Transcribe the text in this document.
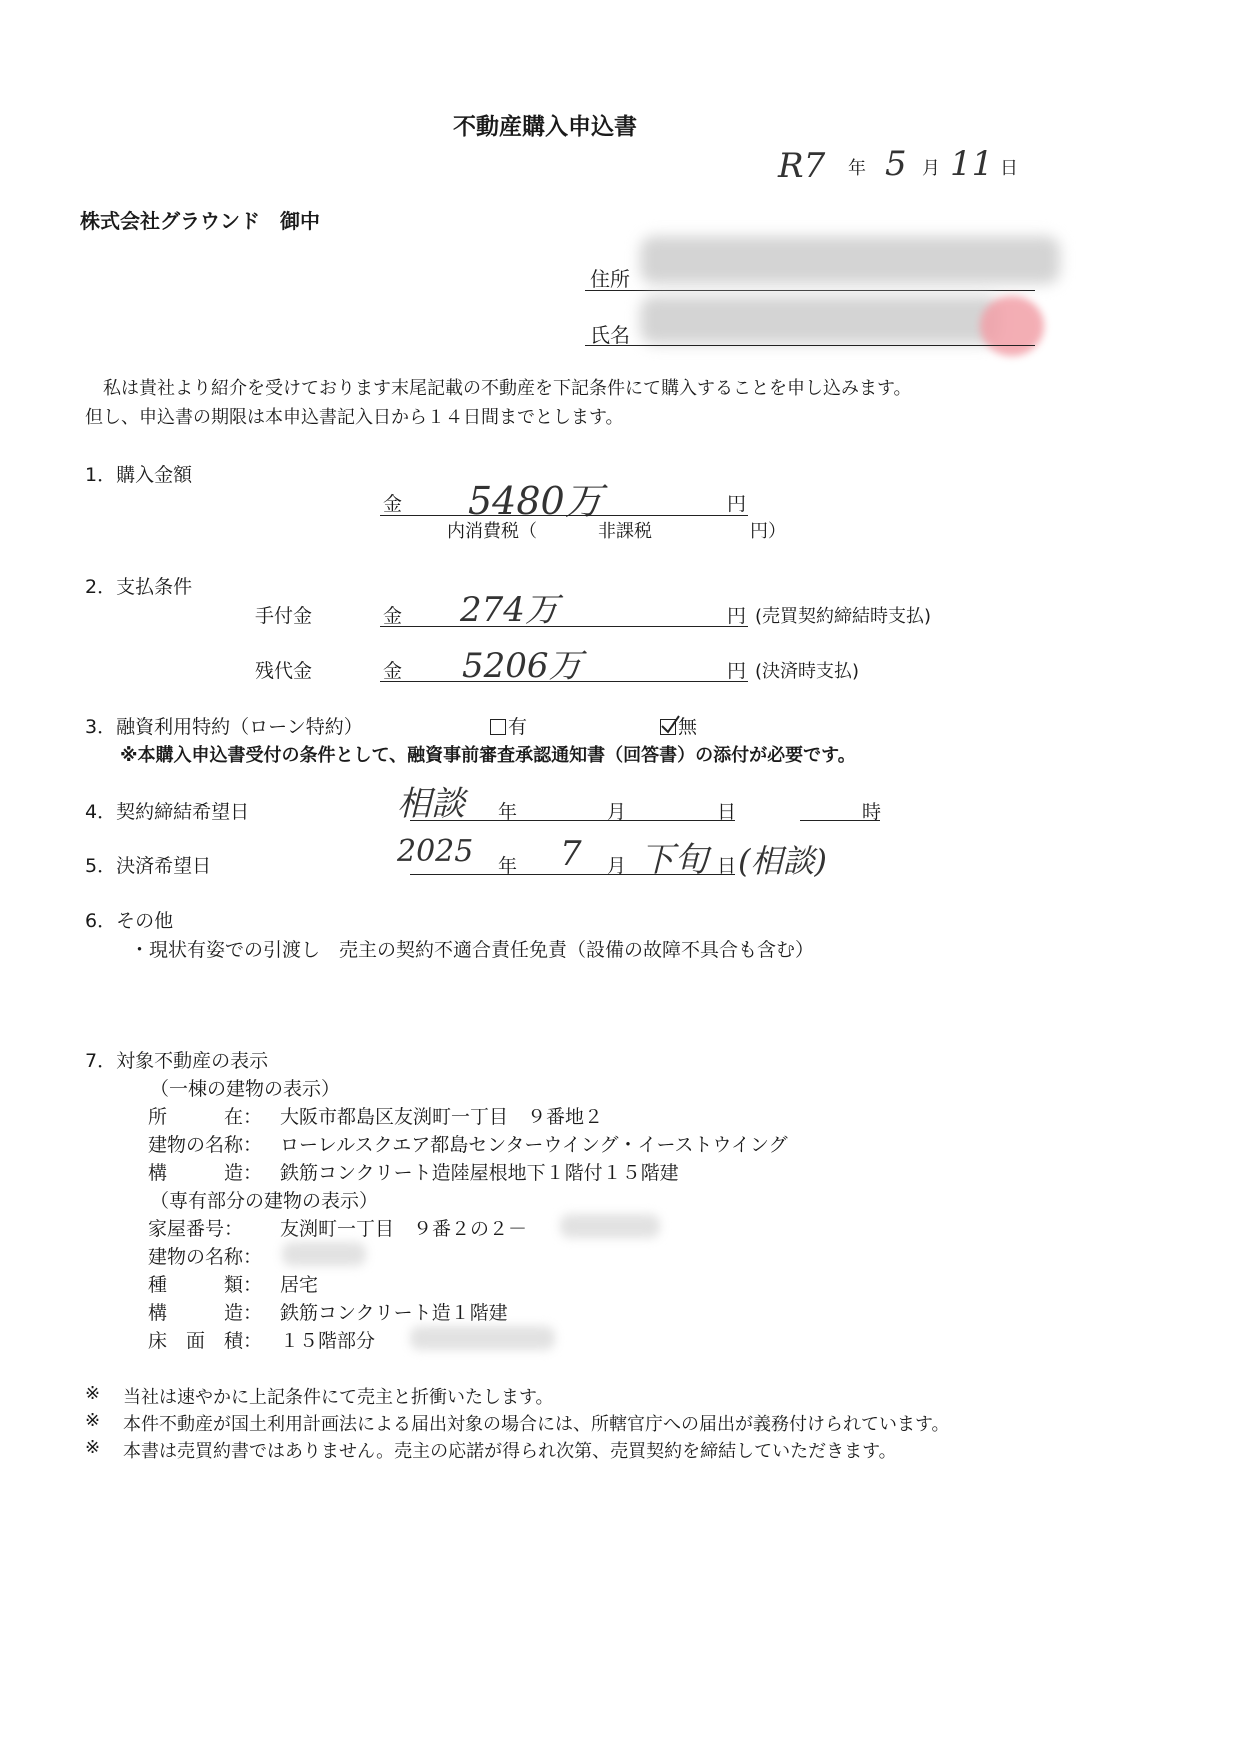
不動産購入申込書
R7 年 5 月 11 日
株式会社グラウンド　御中
住所
氏名
私は貴社より紹介を受けております末尾記載の不動産を下記条件にて購入することを申し込みます。
但し、申込書の期限は本申込書記入日から１４日間までとします。
1．購入金額
金 5480万	円
内消費税（	非課税	円）
2．支払条件
手付金	金 274万	円 (売買契約締結時支払)
残代金	金 5206万	円 (決済時支払)
3．融資利用特約（ローン特約）	有	無
※本購入申込書受付の条件として、融資事前審査承認通知書（回答書）の添付が必要です。
4．契約締結希望日	相談 年	月	日	時
5．決済希望日	2025 年 7 月 下旬 日 (相談)
6．その他
・現状有姿での引渡し　売主の契約不適合責任免責（設備の故障不具合も含む）
7．対象不動産の表示
（一棟の建物の表示）
所　　　在： 大阪市都島区友渕町一丁目　９番地２
建物の名称： ローレルスクエア都島センターウイング・イーストウイング
構　　　造： 鉄筋コンクリート造陸屋根地下１階付１５階建
（専有部分の建物の表示）
家屋番号： 友渕町一丁目　９番２の２－
建物の名称：
種　　　類： 居宅
構　　　造： 鉄筋コンクリート造１階建
床　面　積： １５階部分
※ 当社は速やかに上記条件にて売主と折衝いたします。
※ 本件不動産が国土利用計画法による届出対象の場合には、所轄官庁への届出が義務付けられています。
※ 本書は売買約書ではありません。売主の応諾が得られ次第、売買契約を締結していただきます。
